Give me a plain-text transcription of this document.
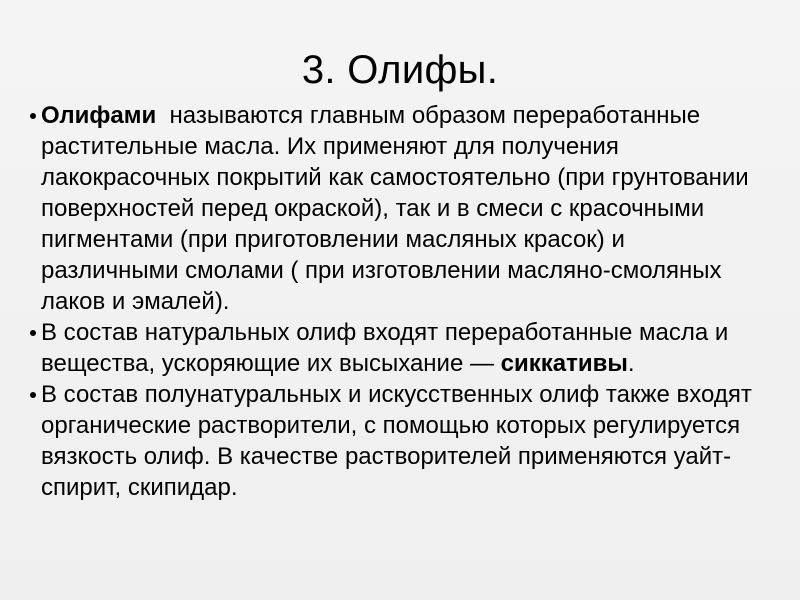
3. Олифы.

Олифами  называются главным образом переработанные растительные масла. Их применяют для получения лакокрасочных покрытий как самостоятельно (при грунтовании поверхностей перед окраской), так и в смеси с красочными пигментами (при приготовлении масляных красок) и различными смолами ( при изготовлении масляно-смоляных лаков и эмалей).

В состав натуральных олиф входят переработанные масла и вещества, ускоряющие их высыхание — сиккативы.

В состав полунатуральных и искусственных олиф также входят органические растворители, с помощью которых регулируется вязкость олиф. В качестве растворителей применяются уайт-спирит, скипидар.
